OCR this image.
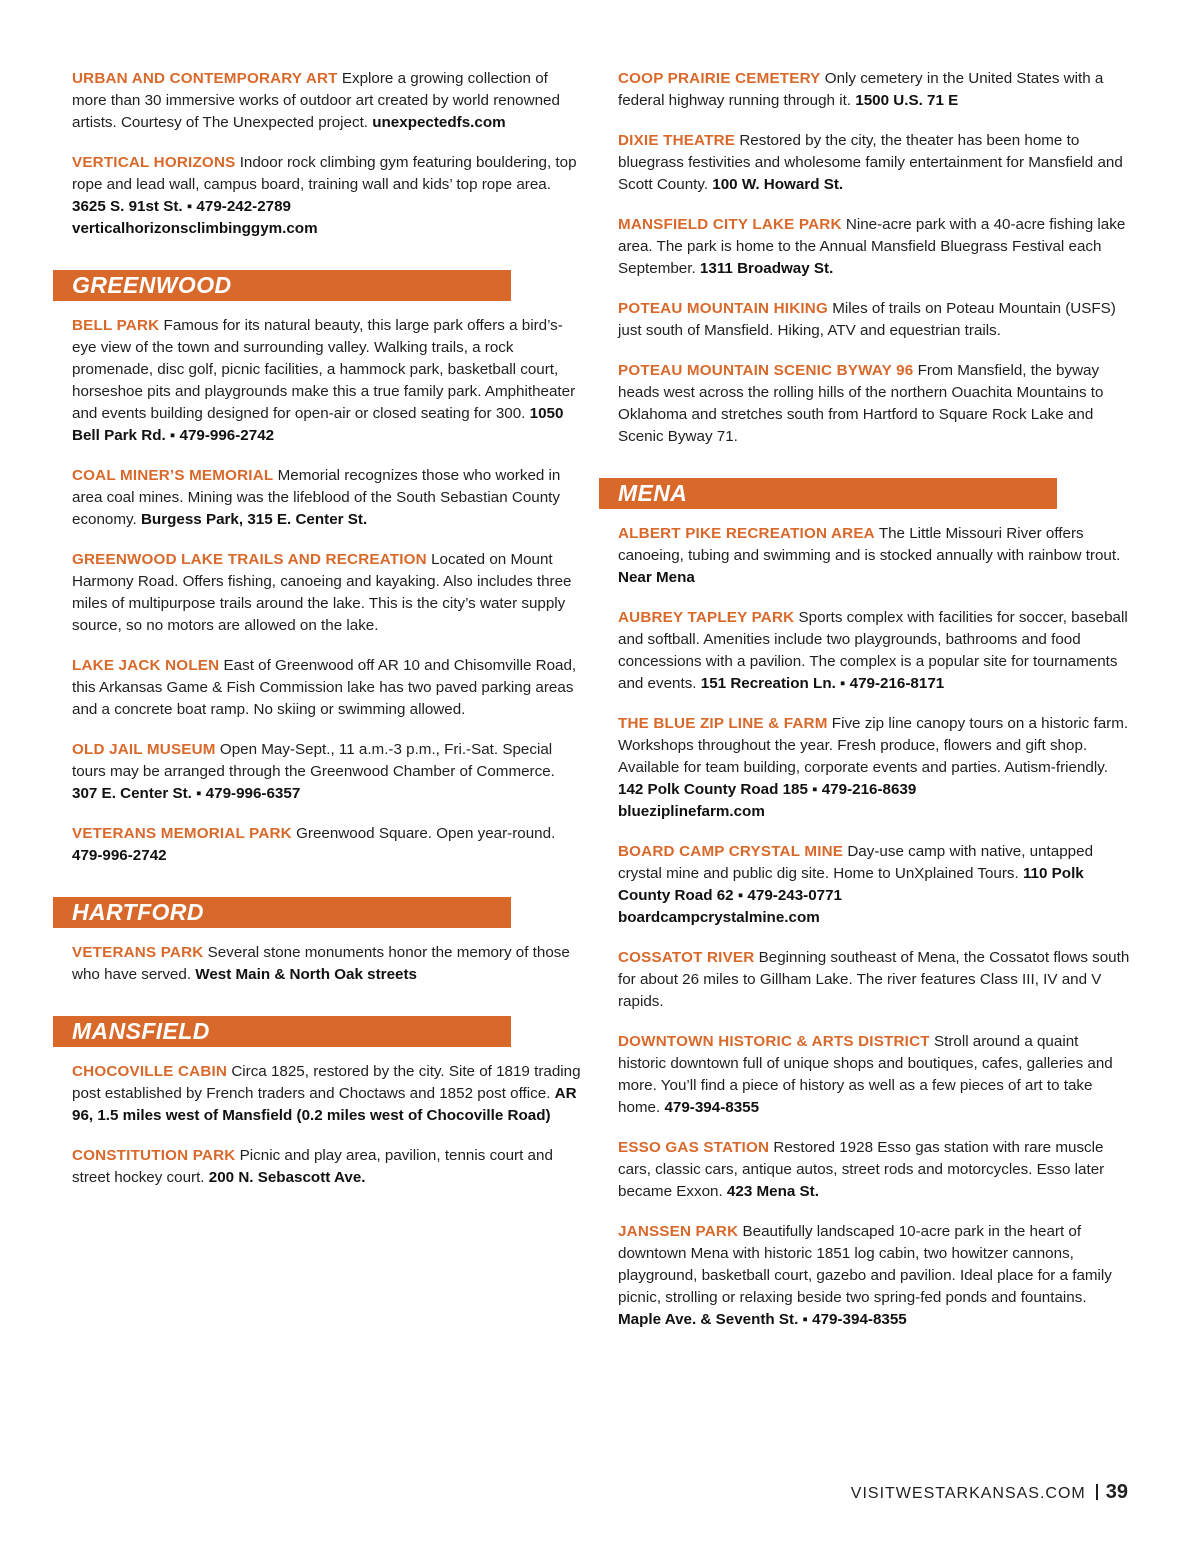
URBAN AND CONTEMPORARY ART Explore a growing collection of more than 30 immersive works of outdoor art created by world renowned artists. Courtesy of The Unexpected project. unexpectedfs.com

VERTICAL HORIZONS Indoor rock climbing gym featuring bouldering, top rope and lead wall, campus board, training wall and kids’ top rope area. 3625 S. 91st St. ▪ 479-242-2789
verticalhorizonsclimbinggym.com

GREENWOOD

BELL PARK Famous for its natural beauty, this large park offers a bird’s-eye view of the town and surrounding valley. Walking trails, a rock promenade, disc golf, picnic facilities, a hammock park, basketball court, horseshoe pits and playgrounds make this a true family park. Amphitheater and events building designed for open-air or closed seating for 300. 1050 Bell Park Rd. ▪ 479-996-2742

COAL MINER’S MEMORIAL Memorial recognizes those who worked in area coal mines. Mining was the lifeblood of the South Sebastian County economy. Burgess Park, 315 E. Center St.

GREENWOOD LAKE TRAILS AND RECREATION Located on Mount Harmony Road. Offers fishing, canoeing and kayaking. Also includes three miles of multipurpose trails around the lake. This is the city’s water supply source, so no motors are allowed on the lake.

LAKE JACK NOLEN East of Greenwood off AR 10 and Chisomville Road, this Arkansas Game & Fish Commission lake has two paved parking areas and a concrete boat ramp. No skiing or swimming allowed.

OLD JAIL MUSEUM Open May-Sept., 11 a.m.-3 p.m., Fri.-Sat. Special tours may be arranged through the Greenwood Chamber of Commerce. 307 E. Center St. ▪ 479-996-6357

VETERANS MEMORIAL PARK Greenwood Square. Open year-round. 479-996-2742

HARTFORD

VETERANS PARK Several stone monuments honor the memory of those who have served. West Main & North Oak streets

MANSFIELD

CHOCOVILLE CABIN Circa 1825, restored by the city. Site of 1819 trading post established by French traders and Choctaws and 1852 post office. AR 96, 1.5 miles west of Mansfield (0.2 miles west of Chocoville Road)

CONSTITUTION PARK Picnic and play area, pavilion, tennis court and street hockey court. 200 N. Sebascott Ave.

COOP PRAIRIE CEMETERY Only cemetery in the United States with a federal highway running through it. 1500 U.S. 71 E

DIXIE THEATRE Restored by the city, the theater has been home to bluegrass festivities and wholesome family entertainment for Mansfield and Scott County. 100 W. Howard St.

MANSFIELD CITY LAKE PARK Nine-acre park with a 40-acre fishing lake area. The park is home to the Annual Mansfield Bluegrass Festival each September. 1311 Broadway St.

POTEAU MOUNTAIN HIKING Miles of trails on Poteau Mountain (USFS) just south of Mansfield. Hiking, ATV and equestrian trails.

POTEAU MOUNTAIN SCENIC BYWAY 96 From Mansfield, the byway heads west across the rolling hills of the northern Ouachita Mountains to Oklahoma and stretches south from Hartford to Square Rock Lake and Scenic Byway 71.

MENA

ALBERT PIKE RECREATION AREA The Little Missouri River offers canoeing, tubing and swimming and is stocked annually with rainbow trout. Near Mena

AUBREY TAPLEY PARK Sports complex with facilities for soccer, baseball and softball. Amenities include two playgrounds, bathrooms and food concessions with a pavilion. The complex is a popular site for tournaments and events. 151 Recreation Ln. ▪ 479-216-8171

THE BLUE ZIP LINE & FARM Five zip line canopy tours on a historic farm. Workshops throughout the year. Fresh produce, flowers and gift shop. Available for team building, corporate events and parties. Autism-friendly. 142 Polk County Road 185 ▪ 479-216-8639
blueziplinefarm.com

BOARD CAMP CRYSTAL MINE Day-use camp with native, untapped crystal mine and public dig site. Home to UnXplained Tours. 110 Polk County Road 62 ▪ 479-243-0771
boardcampcrystalmine.com

COSSATOT RIVER Beginning southeast of Mena, the Cossatot flows south for about 26 miles to Gillham Lake. The river features Class III, IV and V rapids.

DOWNTOWN HISTORIC & ARTS DISTRICT Stroll around a quaint historic downtown full of unique shops and boutiques, cafes, galleries and more. You’ll find a piece of history as well as a few pieces of art to take home. 479-394-8355

ESSO GAS STATION Restored 1928 Esso gas station with rare muscle cars, classic cars, antique autos, street rods and motorcycles. Esso later became Exxon. 423 Mena St.

JANSSEN PARK Beautifully landscaped 10-acre park in the heart of downtown Mena with historic 1851 log cabin, two howitzer cannons, playground, basketball court, gazebo and pavilion. Ideal place for a family picnic, strolling or relaxing beside two spring-fed ponds and fountains. Maple Ave. & Seventh St. ▪ 479-394-8355

VISITWESTARKANSAS.COM 39
